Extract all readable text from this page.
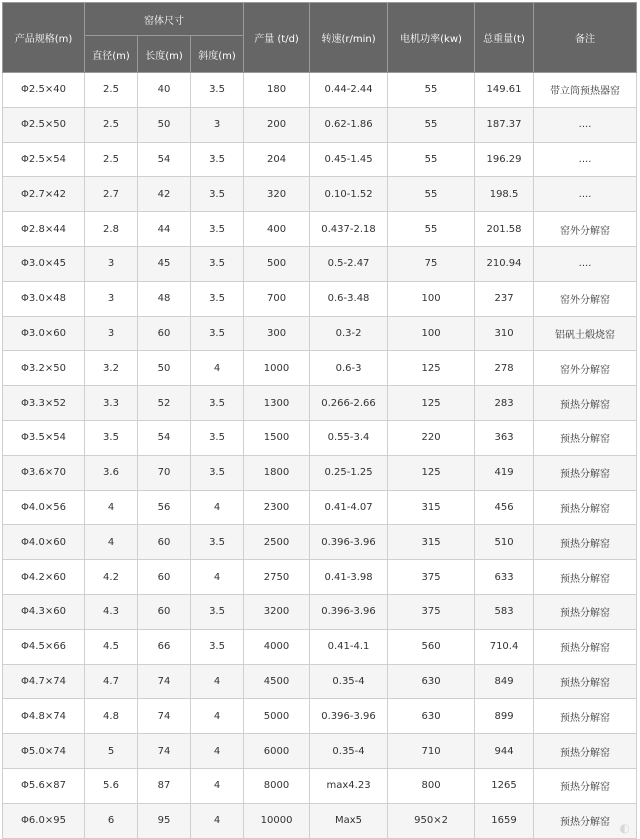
产品规格(m)	窑体尺寸			产量 (t/d)	转速(r/min)	电机功率(kw)	总重量(t)	备注
	直径(m)	长度(m)	斜度(m)					
Φ2.5×40	2.5	40	3.5	180	0.44-2.44	55	149.61	带立筒预热器窑
Φ2.5×50	2.5	50	3	200	0.62-1.86	55	187.37	....
Φ2.5×54	2.5	54	3.5	204	0.45-1.45	55	196.29	....
Φ2.7×42	2.7	42	3.5	320	0.10-1.52	55	198.5	....
Φ2.8×44	2.8	44	3.5	400	0.437-2.18	55	201.58	窑外分解窑
Φ3.0×45	3	45	3.5	500	0.5-2.47	75	210.94	....
Φ3.0×48	3	48	3.5	700	0.6-3.48	100	237	窑外分解窑
Φ3.0×60	3	60	3.5	300	0.3-2	100	310	铝矾土煅烧窑
Φ3.2×50	3.2	50	4	1000	0.6-3	125	278	窑外分解窑
Φ3.3×52	3.3	52	3.5	1300	0.266-2.66	125	283	预热分解窑
Φ3.5×54	3.5	54	3.5	1500	0.55-3.4	220	363	预热分解窑
Φ3.6×70	3.6	70	3.5	1800	0.25-1.25	125	419	预热分解窑
Φ4.0×56	4	56	4	2300	0.41-4.07	315	456	预热分解窑
Φ4.0×60	4	60	3.5	2500	0.396-3.96	315	510	预热分解窑
Φ4.2×60	4.2	60	4	2750	0.41-3.98	375	633	预热分解窑
Φ4.3×60	4.3	60	3.5	3200	0.396-3.96	375	583	预热分解窑
Φ4.5×66	4.5	66	3.5	4000	0.41-4.1	560	710.4	预热分解窑
Φ4.7×74	4.7	74	4	4500	0.35-4	630	849	预热分解窑
Φ4.8×74	4.8	74	4	5000	0.396-3.96	630	899	预热分解窑
Φ5.0×74	5	74	4	6000	0.35-4	710	944	预热分解窑
Φ5.6×87	5.6	87	4	8000	max4.23	800	1265	预热分解窑
Φ6.0×95	6	95	4	10000	Max5	950×2	1659	预热分解窑 ◐
